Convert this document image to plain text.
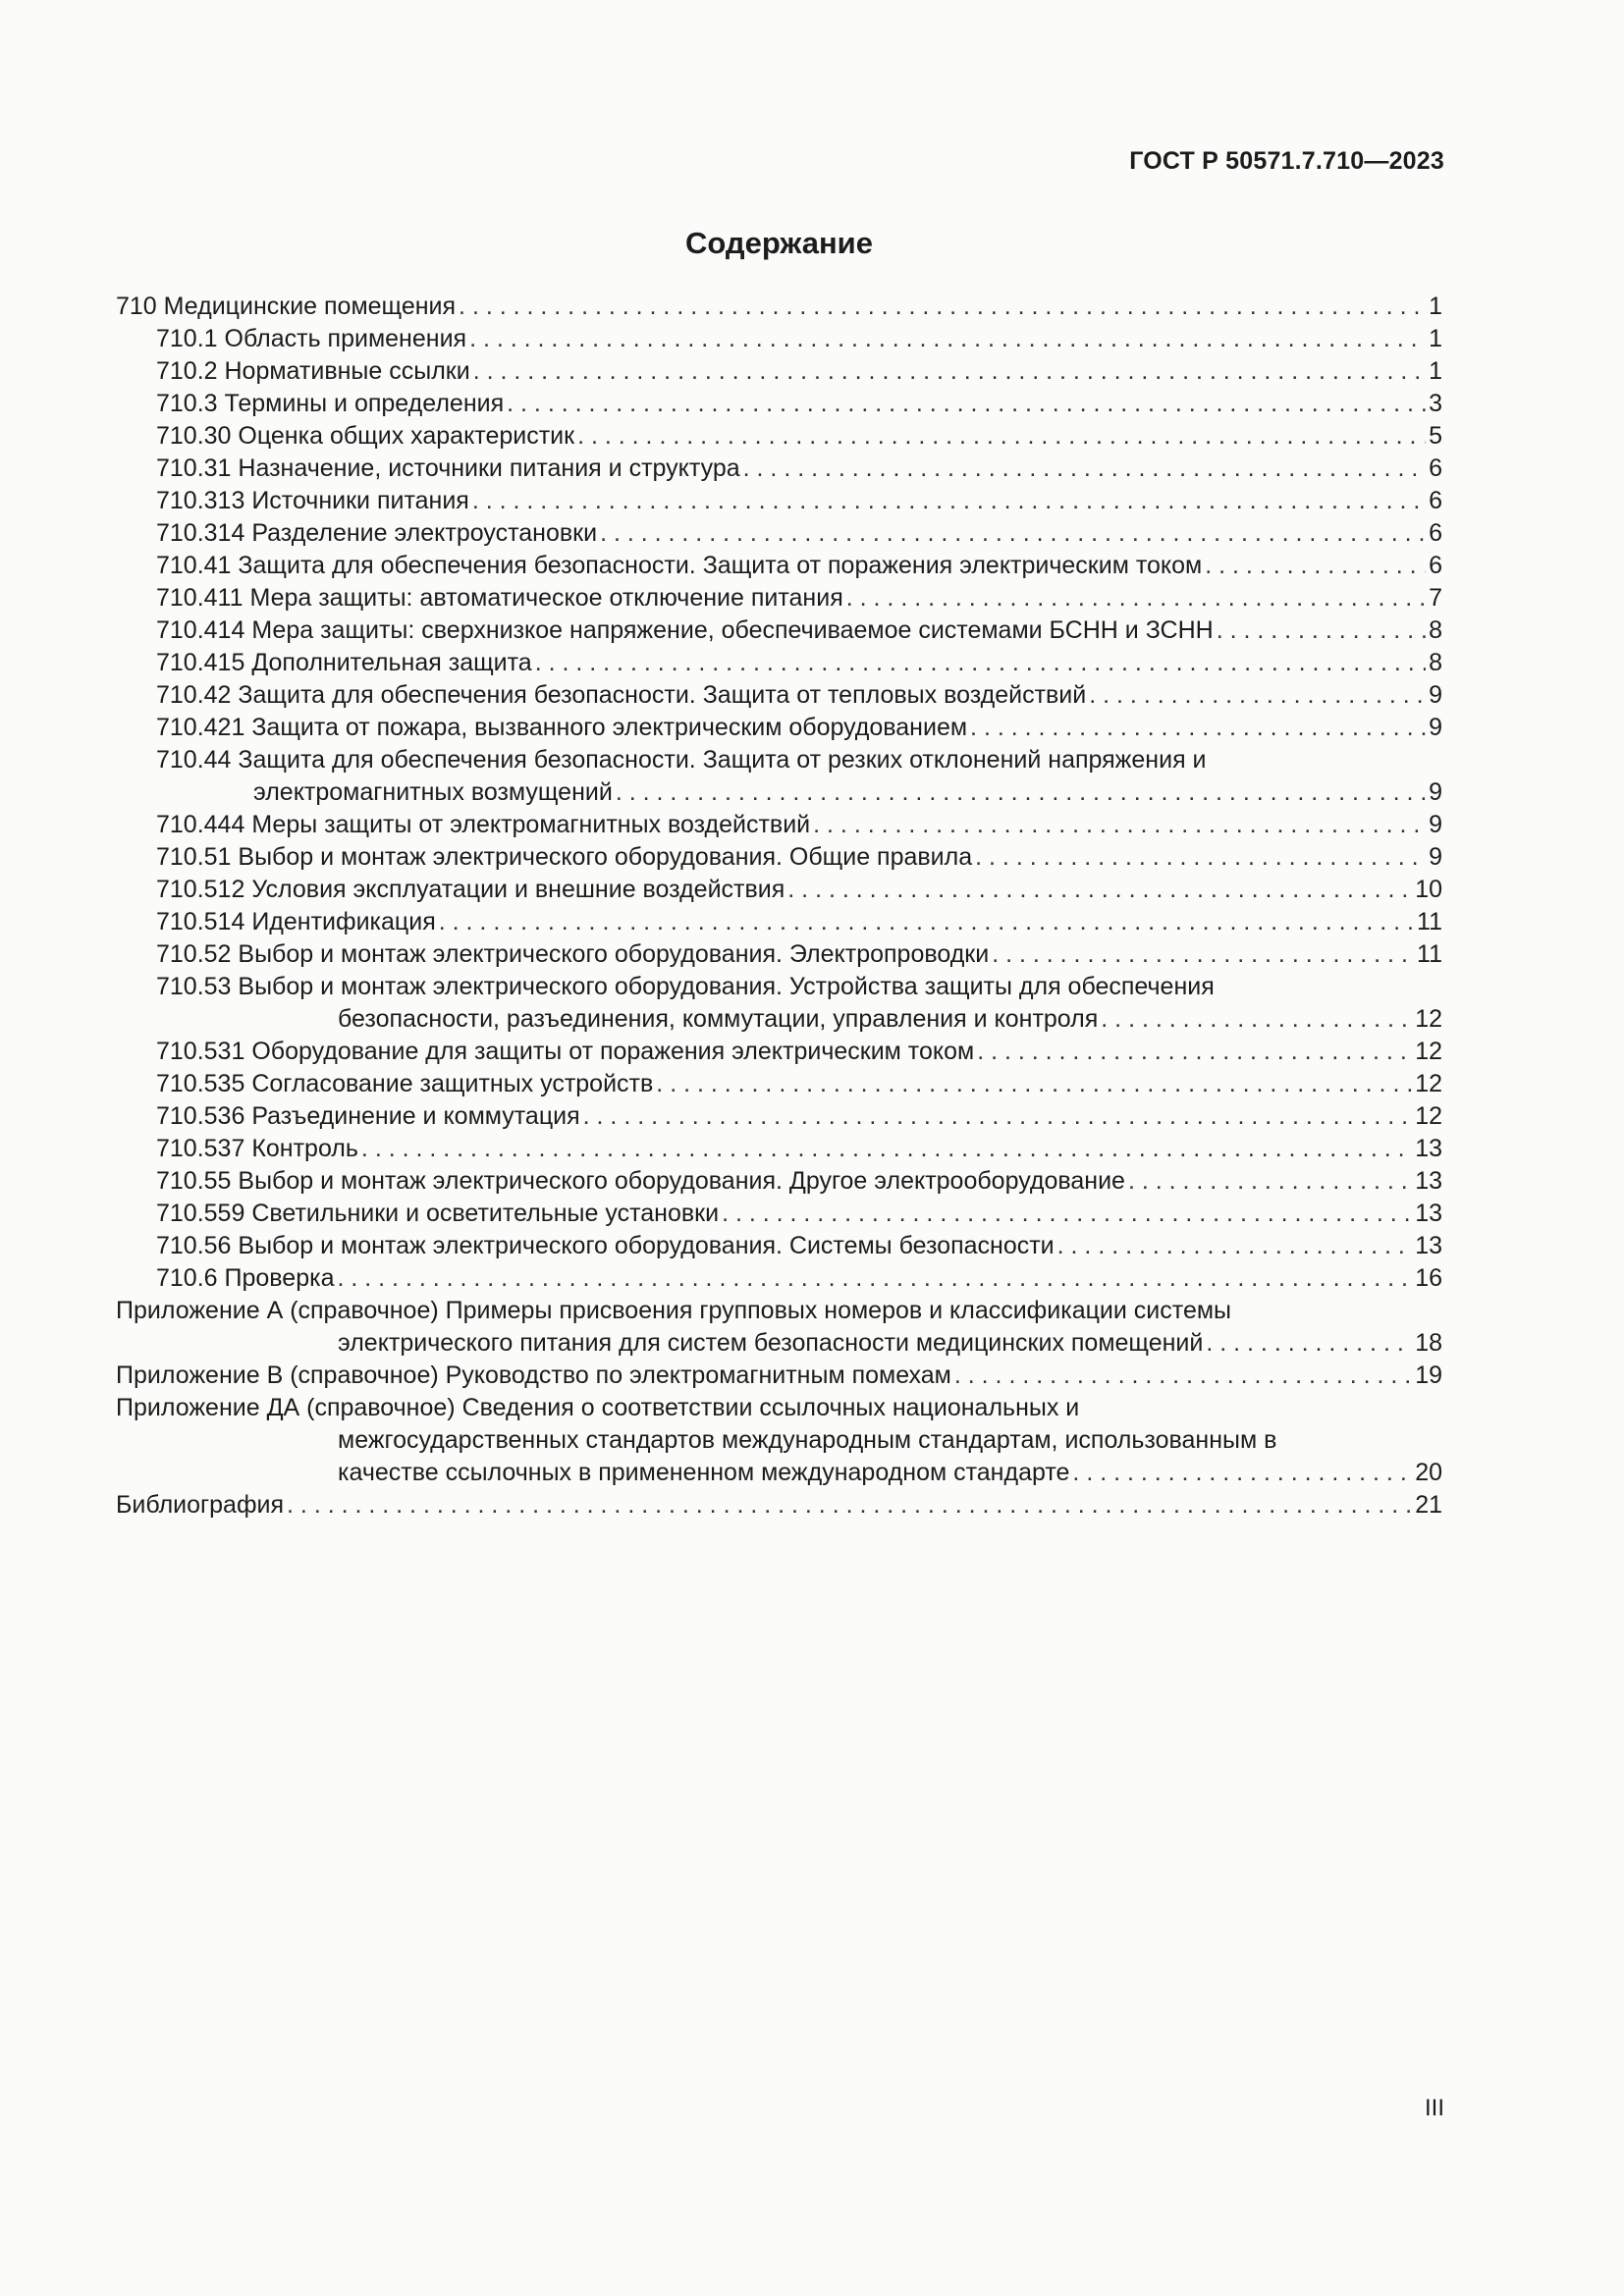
ГОСТ Р 50571.7.710—2023
Содержание
710 Медицинские помещения . . .	1
710.1 Область применения . . .	1
710.2 Нормативные ссылки . . .	1
710.3 Термины и определения . . .	3
710.30 Оценка общих характеристик . . .	5
710.31 Назначение, источники питания и структура . . .	6
710.313 Источники питания . . .	6
710.314 Разделение электроустановки . . .	6
710.41 Защита для обеспечения безопасности. Защита от поражения электрическим током . . .	6
710.411 Мера защиты: автоматическое отключение питания . . .	7
710.414 Мера защиты: сверхнизкое напряжение, обеспечиваемое системами БСНН и ЗСНН . . .	8
710.415 Дополнительная защита . . .	8
710.42 Защита для обеспечения безопасности. Защита от тепловых воздействий . . .	9
710.421 Защита от пожара, вызванного электрическим оборудованием . . .	9
710.44 Защита для обеспечения безопасности. Защита от резких отклонений напряжения и
электромагнитных возмущений . . .	9
710.444 Меры защиты от электромагнитных воздействий . . .	9
710.51 Выбор и монтаж электрического оборудования. Общие правила . . .	9
710.512 Условия эксплуатации и внешние воздействия . . .	10
710.514 Идентификация . . .	11
710.52 Выбор и монтаж электрического оборудования. Электропроводки . . .	11
710.53 Выбор и монтаж электрического оборудования. Устройства защиты для обеспечения
безопасности, разъединения, коммутации, управления и контроля . . .	12
710.531 Оборудование для защиты от поражения электрическим током . . .	12
710.535 Согласование защитных устройств . . .	12
710.536 Разъединение и коммутация . . .	12
710.537 Контроль . . .	13
710.55 Выбор и монтаж электрического оборудования. Другое электрооборудование . . .	13
710.559 Светильники и осветительные установки . . .	13
710.56 Выбор и монтаж электрического оборудования. Системы безопасности . . .	13
710.6 Проверка . . .	16
Приложение А (справочное) Примеры присвоения групповых номеров и классификации системы
электрического питания для систем безопасности медицинских помещений . . .	18
Приложение В (справочное) Руководство по электромагнитным помехам . . .	19
Приложение ДА (справочное) Сведения о соответствии ссылочных национальных и
межгосударственных стандартов международным стандартам, использованным в
качестве ссылочных в примененном международном стандарте . . .	20
Библиография . . .	21
III
